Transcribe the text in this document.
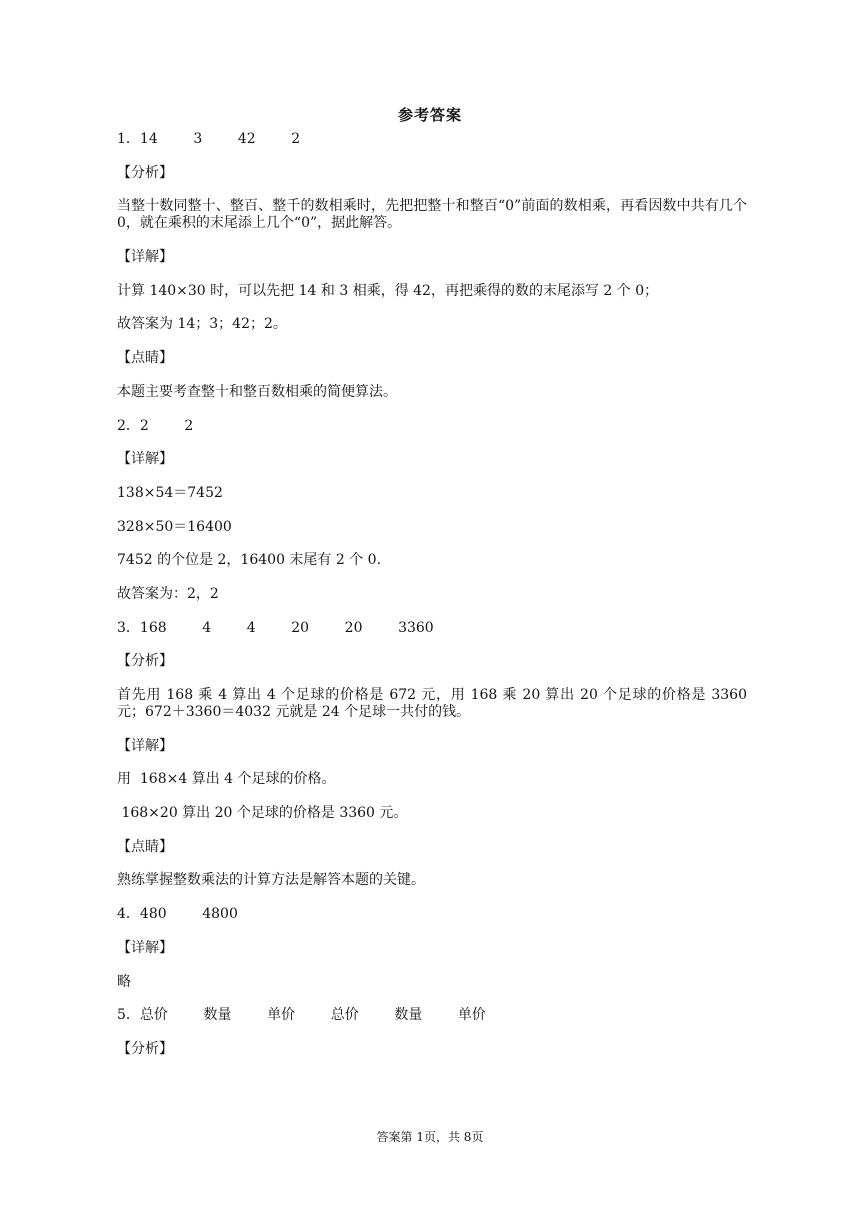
参考答案
1．14        3        42        2
【分析】
当整十数同整十、整百、整千的数相乘时，先把把整十和整百“0”前面的数相乘，再看因数中共有几个 0，就在乘积的末尾添上几个“0”，据此解答。
【详解】
计算 140×30 时，可以先把 14 和 3 相乘，得 42，再把乘得的数的末尾添写 2 个 0；
故答案为 14；3；42；2。
【点睛】
本题主要考查整十和整百数相乘的简便算法。
2．2        2
【详解】
138×54＝7452
328×50＝16400
7452 的个位是 2，16400 末尾有 2 个 0.
故答案为：2，2
3．168        4        4        20        20        3360
【分析】
首先用 168 乘 4 算出 4 个足球的价格是 672 元，用 168 乘 20 算出 20 个足球的价格是 3360 元；672＋3360＝4032 元就是 24 个足球一共付的钱。
【详解】
用  168×4 算出 4 个足球的价格。
168×20 算出 20 个足球的价格是 3360 元。
【点睛】
熟练掌握整数乘法的计算方法是解答本题的关键。
4．480        4800
【详解】
略
5．总价        数量        单价        总价        数量        单价
【分析】
答案第 1页，共 8页
